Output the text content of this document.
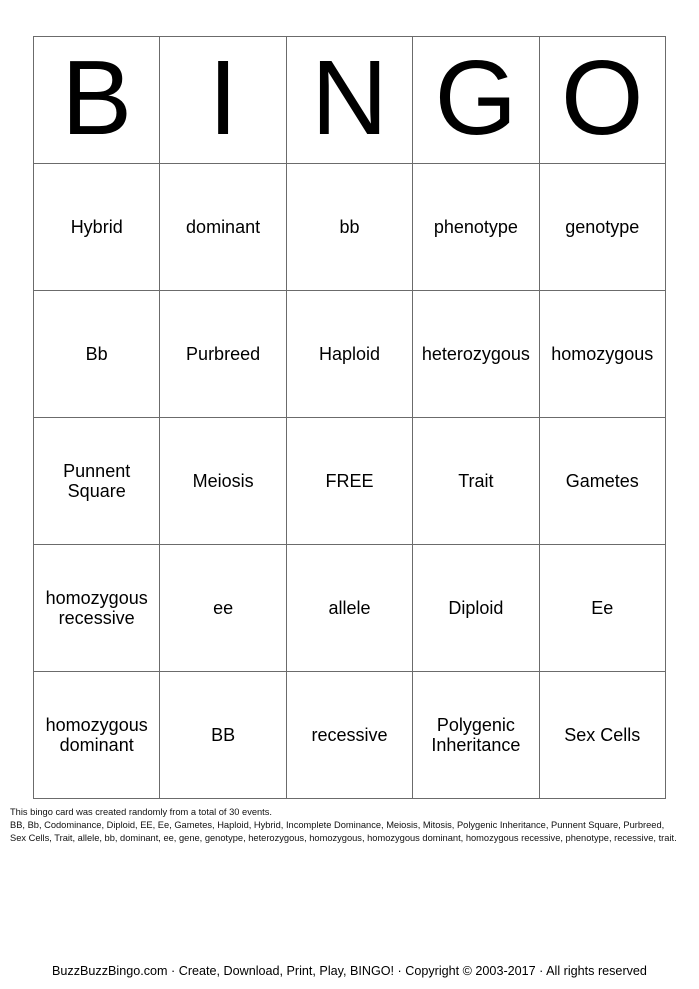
B	I	N	G	O
Hybrid	dominant	bb	phenotype	genotype
Bb	Purbreed	Haploid	heterozygous	homozygous
Punnent Square	Meiosis	FREE	Trait	Gametes
homozygous recessive	ee	allele	Diploid	Ee
homozygous dominant	BB	recessive	Polygenic Inheritance	Sex Cells
This bingo card was created randomly from a total of 30 events.
BB, Bb, Codominance, Diploid, EE, Ee, Gametes, Haploid, Hybrid, Incomplete Dominance, Meiosis, Mitosis, Polygenic Inheritance, Punnent Square, Purbreed,
Sex Cells, Trait, allele, bb, dominant, ee, gene, genotype, heterozygous, homozygous, homozygous dominant, homozygous recessive, phenotype, recessive, trait.
BuzzBuzzBingo.com · Create, Download, Print, Play, BINGO! · Copyright © 2003-2017 · All rights reserved
